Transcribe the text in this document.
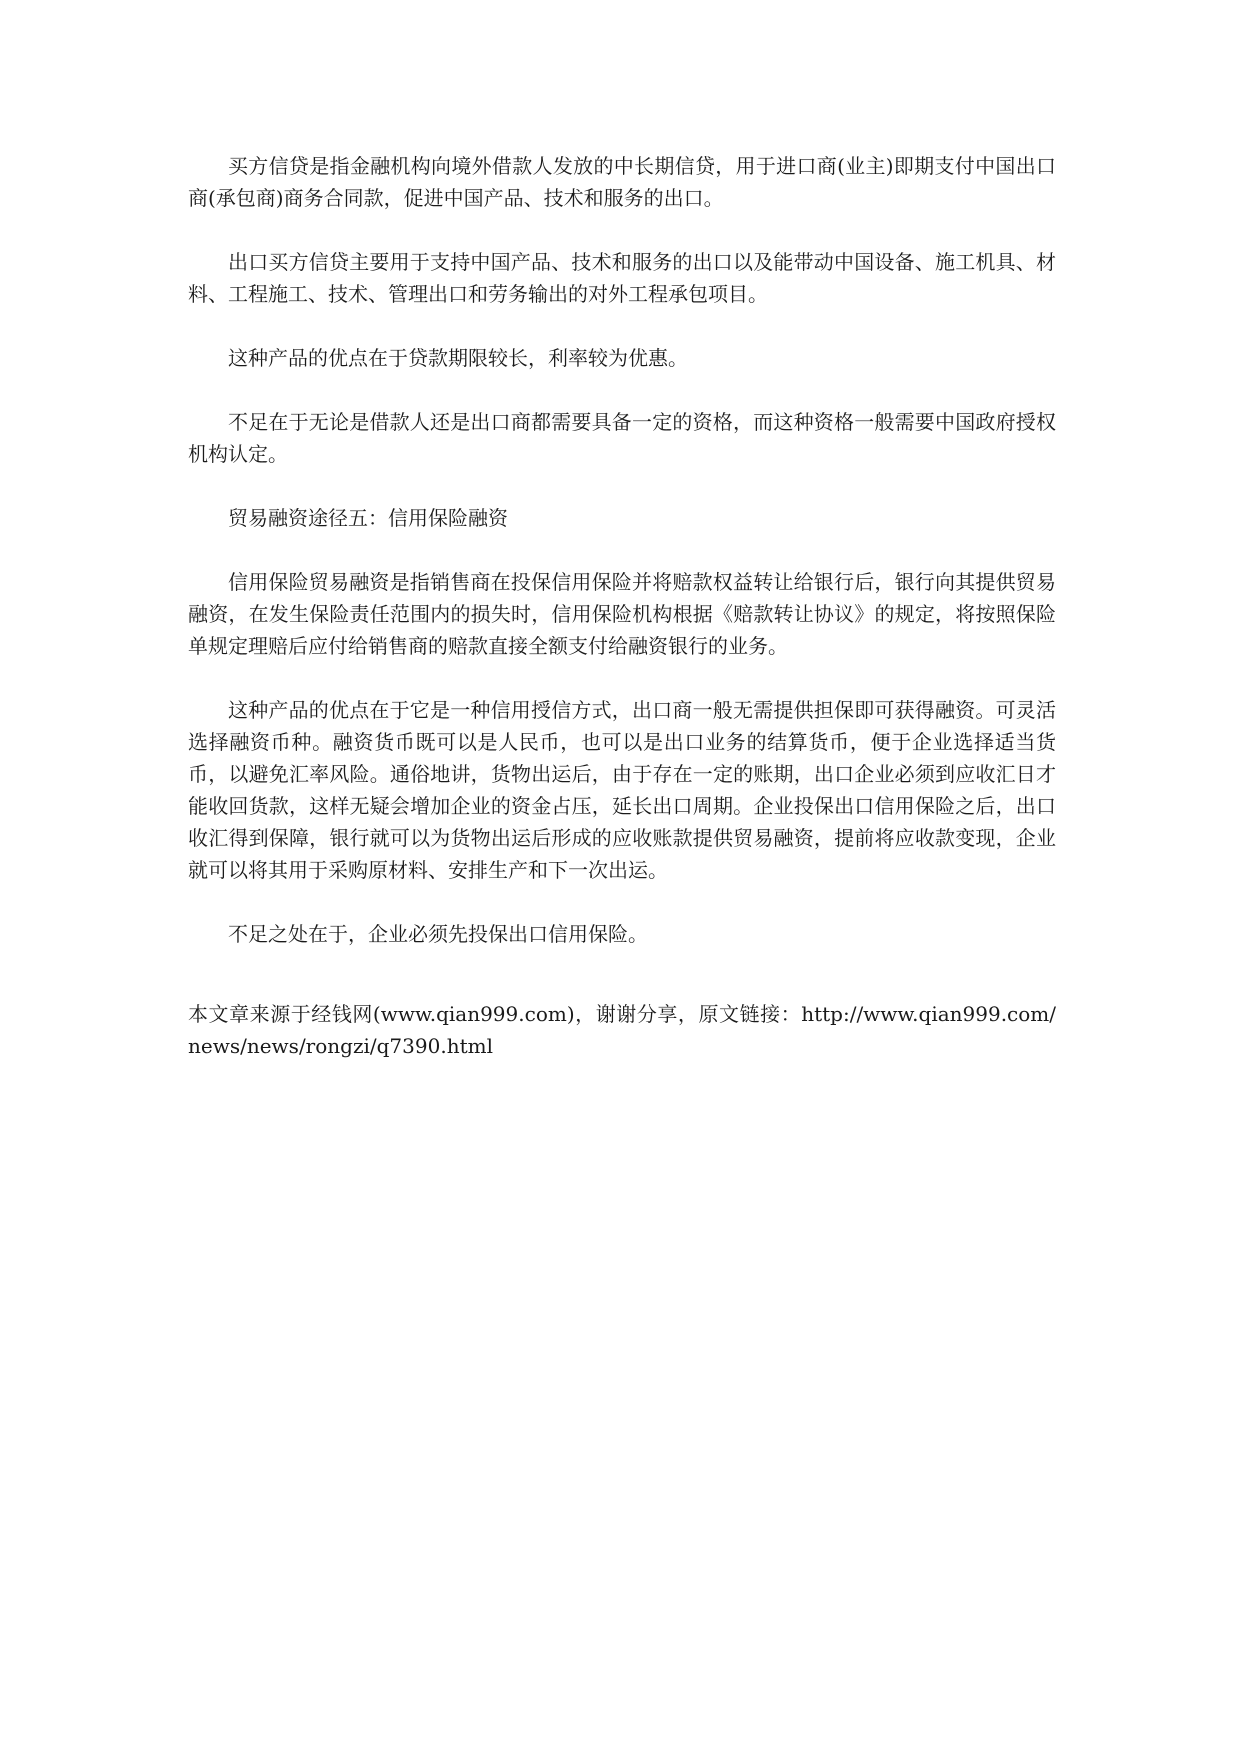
买方信贷是指金融机构向境外借款人发放的中长期信贷，用于进口商(业主)即期支付中国出口商(承包商)商务合同款，促进中国产品、技术和服务的出口。

出口买方信贷主要用于支持中国产品、技术和服务的出口以及能带动中国设备、施工机具、材料、工程施工、技术、管理出口和劳务输出的对外工程承包项目。

这种产品的优点在于贷款期限较长，利率较为优惠。

不足在于无论是借款人还是出口商都需要具备一定的资格，而这种资格一般需要中国政府授权机构认定。

贸易融资途径五：信用保险融资

信用保险贸易融资是指销售商在投保信用保险并将赔款权益转让给银行后，银行向其提供贸易融资，在发生保险责任范围内的损失时，信用保险机构根据《赔款转让协议》的规定，将按照保险单规定理赔后应付给销售商的赔款直接全额支付给融资银行的业务。

这种产品的优点在于它是一种信用授信方式，出口商一般无需提供担保即可获得融资。可灵活选择融资币种。融资货币既可以是人民币，也可以是出口业务的结算货币，便于企业选择适当货币，以避免汇率风险。通俗地讲，货物出运后，由于存在一定的账期，出口企业必须到应收汇日才能收回货款，这样无疑会增加企业的资金占压，延长出口周期。企业投保出口信用保险之后，出口收汇得到保障，银行就可以为货物出运后形成的应收账款提供贸易融资，提前将应收款变现，企业就可以将其用于采购原材料、安排生产和下一次出运。

不足之处在于，企业必须先投保出口信用保险。

本文章来源于经钱网(www.qian999.com)，谢谢分享，原文链接：http://www.qian999.com/news/news/rongzi/q7390.html
